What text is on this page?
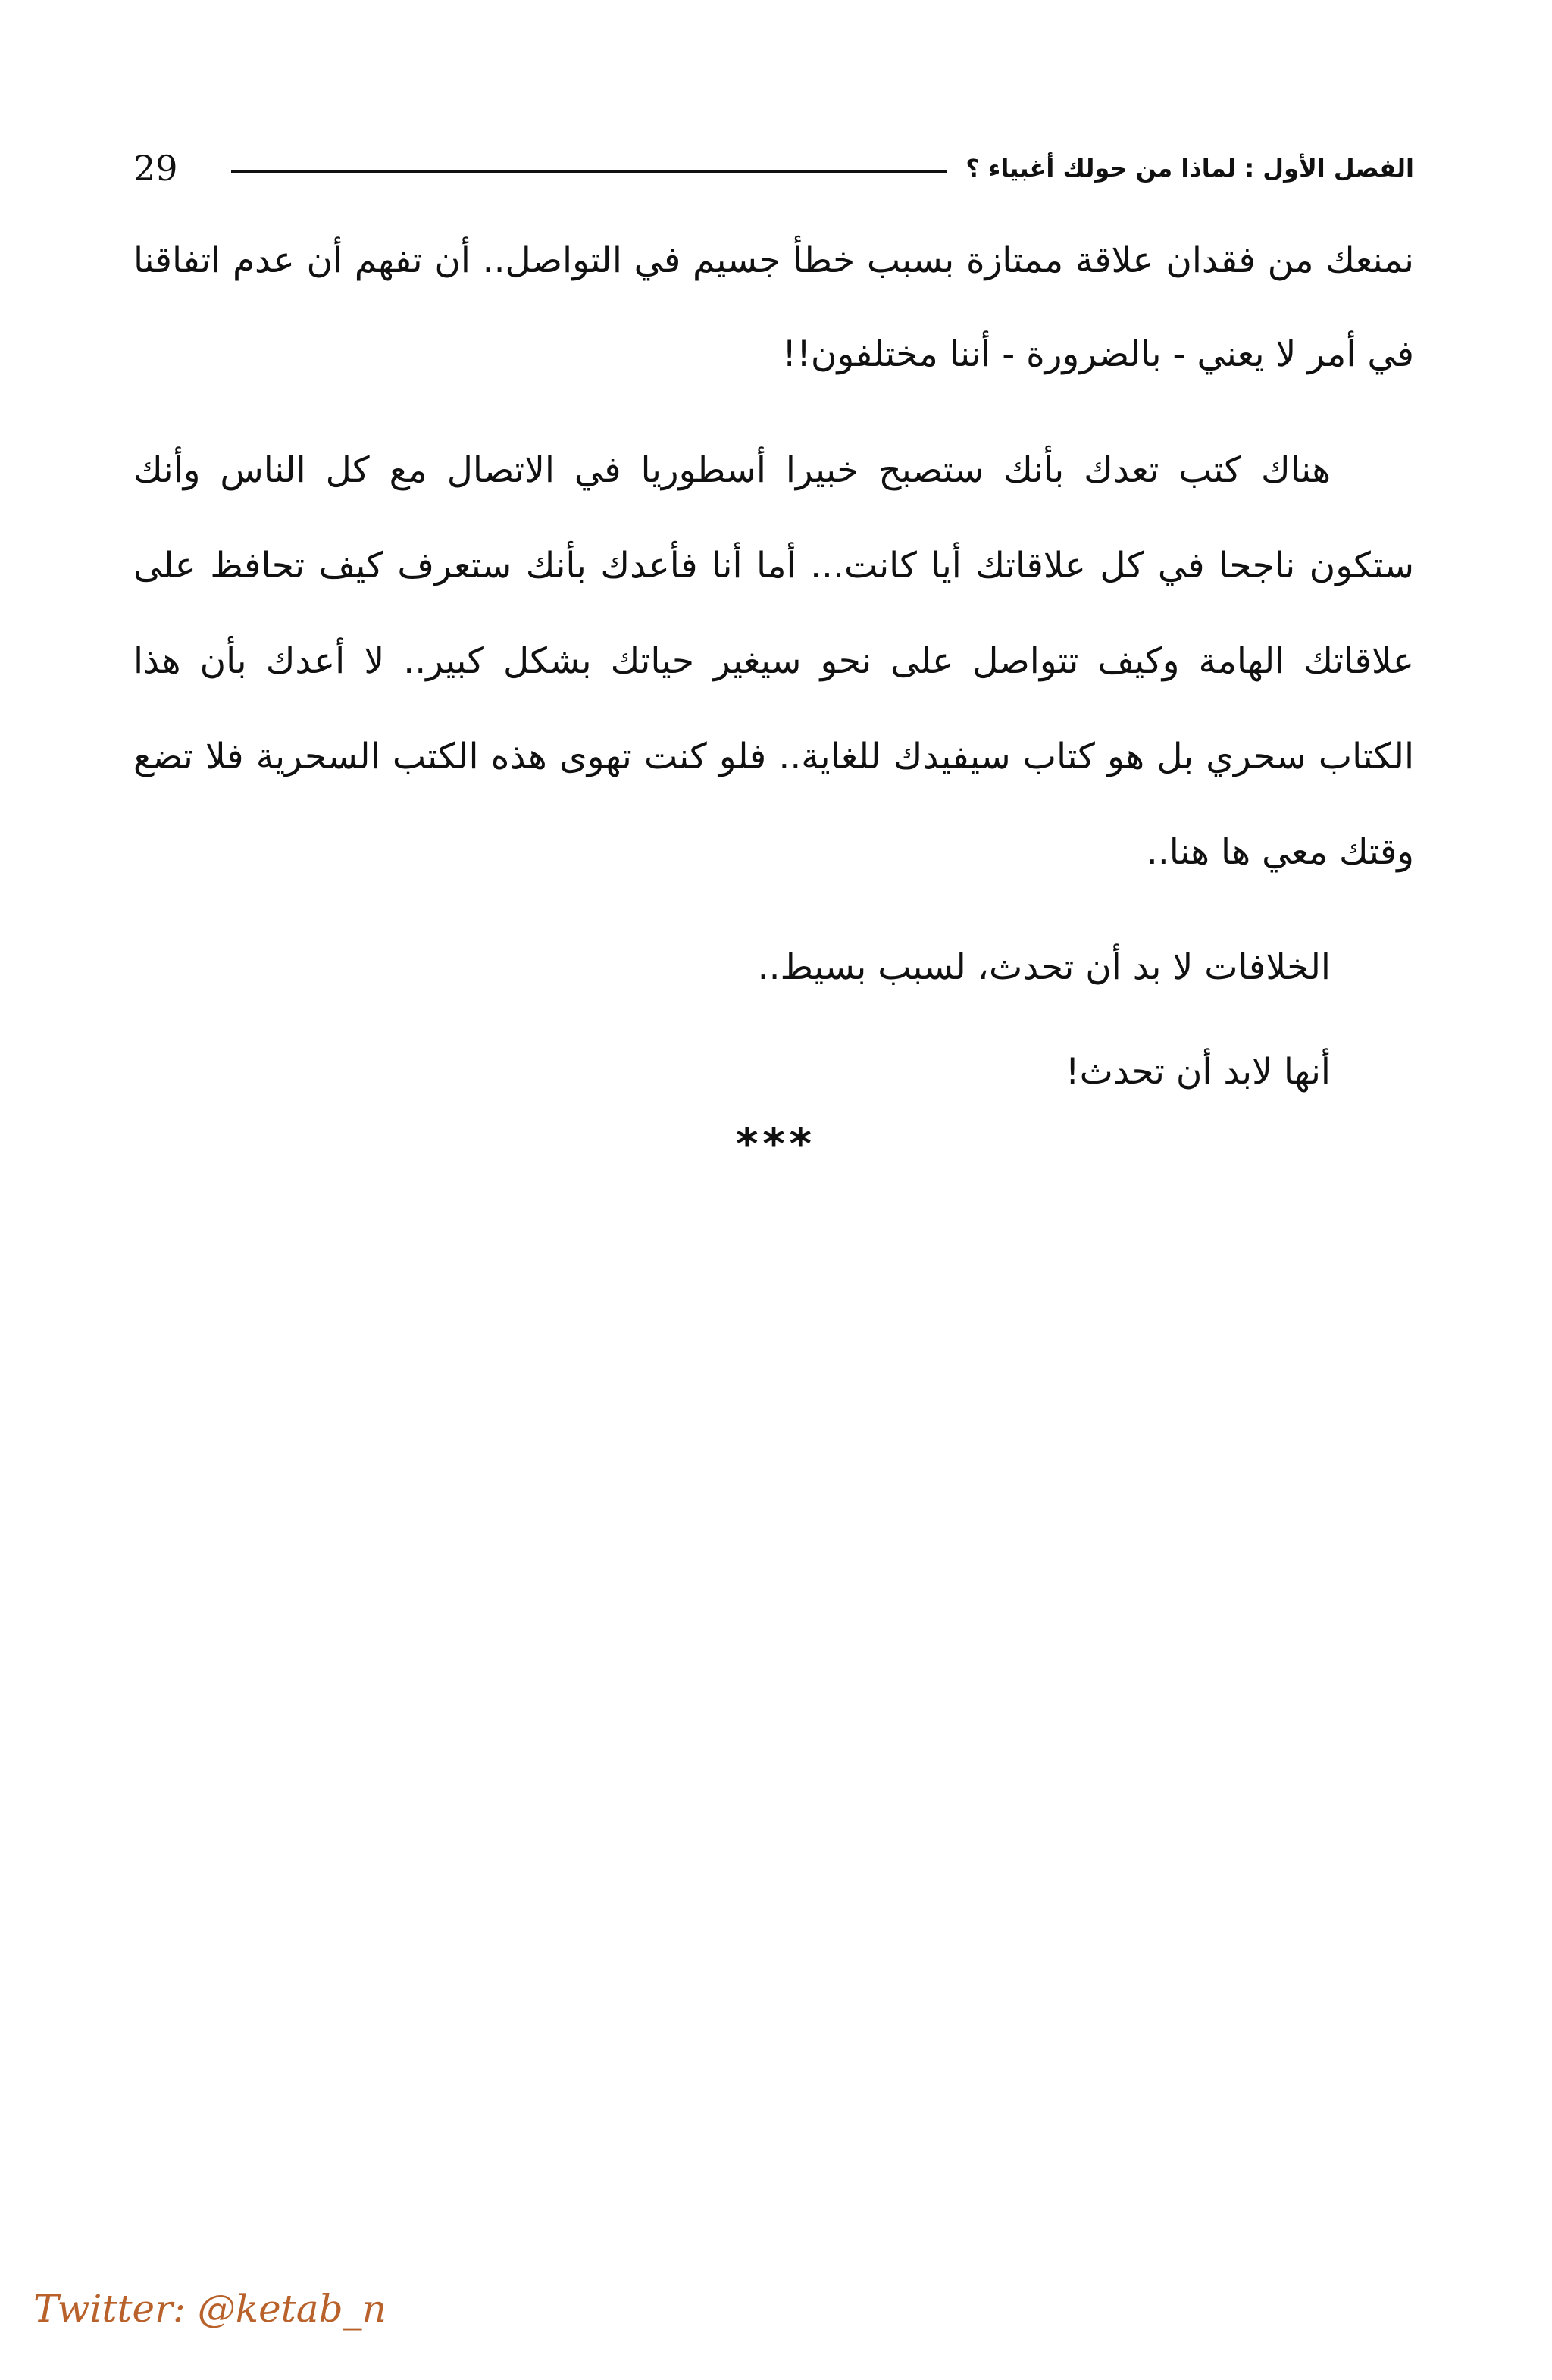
29	الفصل الأول : لماذا من حولك أغبياء ؟

نمنعك من فقدان علاقة ممتازة بسبب خطأ جسيم في التواصل.. أن تفهم أن عدم اتفاقنا في أمر لا يعني - بالضرورة - أننا مختلفون!!

هناك كتب تعدك بأنك ستصبح خبيرا أسطوريا في الاتصال مع كل الناس وأنك ستكون ناجحا في كل علاقاتك أيا كانت... أما أنا فأعدك بأنك ستعرف كيف تحافظ على علاقاتك الهامة وكيف تتواصل على نحو سيغير حياتك بشكل كبير.. لا أعدك بأن هذا الكتاب سحري بل هو كتاب سيفيدك للغاية.. فلو كنت تهوى هذه الكتب السحرية فلا تضع وقتك معي ها هنا..

الخلافات لا بد أن تحدث، لسبب بسيط..

أنها لابد أن تحدث!

***
Twitter: @ketab_n
